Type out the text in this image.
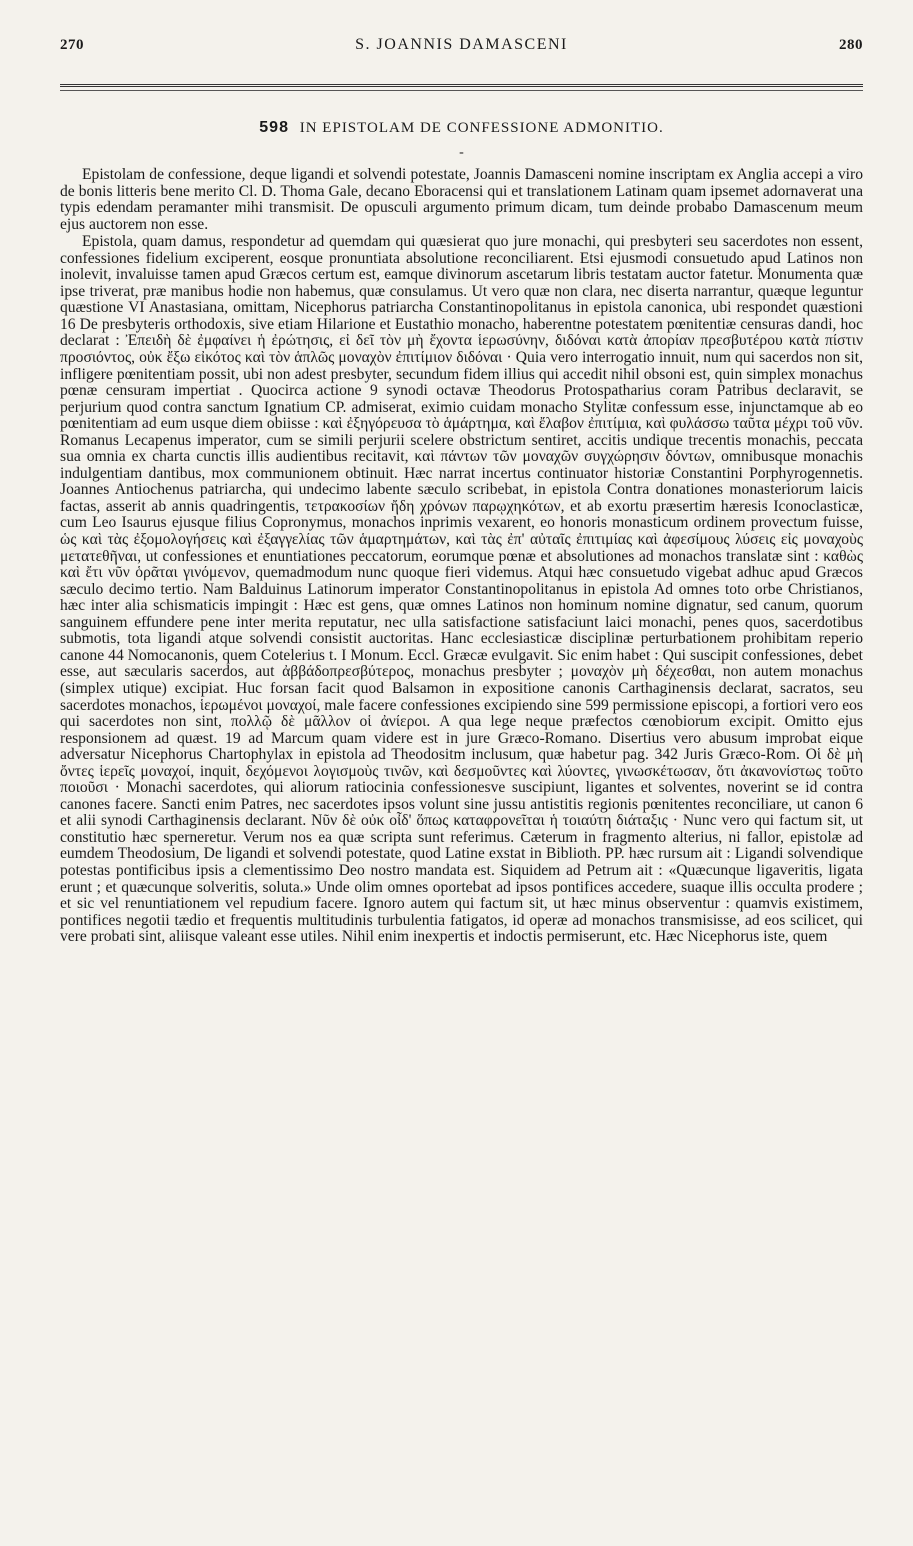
270	S. JOANNIS DAMASCENI	280
598 IN EPISTOLAM DE CONFESSIONE ADMONITIO.
-

Epistolam de confessione, deque ligandi et solvendi potestate, Joannis Damasceni nomine inscriptam ex Anglia accepi a viro de bonis litteris bene merito Cl. D. Thoma Gale, decano Eboracensi qui et translationem Latinam quam ipsemet adornaverat una typis edendam peramanter mihi transmisit. De opusculi argumento primum dicam, tum deinde probabo Damascenum meum ejus auctorem non esse.

Epistola, quam damus, respondetur ad quemdam qui quæsierat quo jure monachi, qui presbyteri seu sacerdotes non essent, confessiones fidelium exciperent, eosque pronuntiata absolutione reconciliarent. Etsi ejusmodi consuetudo apud Latinos non inolevit, invaluisse tamen apud Græcos certum est, eamque divinorum ascetarum libris testatam auctor fatetur. Monumenta quæ ipse triverat, præ manibus hodie non habemus, quæ consulamus. Ut vero quæ non clara, nec diserta narrantur, quæque leguntur quæstione VI Anastasiana, omittam, Nicephorus patriarcha Constantinopolitanus in epistola canonica, ubi respondet quæstioni 16 De presbyteris orthodoxis, sive etiam Hilarione et Eustathio monacho, haberentne potestatem pœnitentiæ censuras dandi, hoc declarat : Ἐπειδὴ δὲ ἐμφαίνει ἡ ἐρώτησις, εἰ δεῖ τὸν μὴ ἔχοντα ἱερωσύνην, διδόναι κατὰ ἀπορίαν πρεσβυτέρου κατὰ πίστιν προσιόντος, οὐκ ἔξω εἰκότος καὶ τὸν ἁπλῶς μοναχὸν ἐπιτίμιον διδόναι · Quia vero interrogatio innuit, num qui sacerdos non sit, infligere pœnitentiam possit, ubi non adest presbyter, secundum fidem illius qui accedit nihil obsoni est, quin simplex monachus pœnæ censuram impertiat . Quocirca actione 9 synodi octavæ Theodorus Protospatharius coram Patribus declaravit, se perjurium quod contra sanctum Ignatium CP. admiserat, eximio cuidam monacho Stylitæ confessum esse, injunctamque ab eo pœnitentiam ad eum usque diem obiisse : καὶ ἐξηγόρευσα τὸ ἁμάρτημα, καὶ ἔλαβον ἐπιτίμια, καὶ φυλάσσω ταῦτα μέχρι τοῦ νῦν. Romanus Lecapenus imperator, cum se simili perjurii scelere obstrictum sentiret, accitis undique trecentis monachis, peccata sua omnia ex charta cunctis illis audientibus recitavit, καὶ πάντων τῶν μοναχῶν συγχώρησιν δόντων, omnibusque monachis indulgentiam dantibus, mox communionem obtinuit. Hæc narrat incertus continuator historiæ Constantini Porphyrogennetis. Joannes Antiochenus patriarcha, qui undecimo labente sæculo scribebat, in epistola Contra donationes monasteriorum laicis factas, asserit ab annis quadringentis, τετρακοσίων ἤδη χρόνων παρῳχηκότων, et ab exortu præsertim hæresis Iconoclasticæ, cum Leo Isaurus ejusque filius Copronymus, monachos inprimis vexarent, eo honoris monasticum ordinem provectum fuisse, ὡς καὶ τὰς ἐξομολογήσεις καὶ ἐξαγγελίας τῶν ἁμαρτημάτων, καὶ τὰς ἐπ' αὐταῖς ἐπιτιμίας καὶ ἀφεσίμους λύσεις εἰς μοναχοὺς μετατεθῆναι, ut confessiones et enuntiationes peccatorum, eorumque pœnæ et absolutiones ad monachos translatæ sint : καθὼς καὶ ἔτι νῦν ὁρᾶται γινόμενον, quemadmodum nunc quoque fieri videmus. Atqui hæc consuetudo vigebat adhuc apud Græcos sæculo decimo tertio. Nam Balduinus Latinorum imperator Constantinopolitanus in epistola Ad omnes toto orbe Christianos, hæc inter alia schismaticis impingit : Hæc est gens, quæ omnes Latinos non hominum nomine dignatur, sed canum, quorum sanguinem effundere pene inter merita reputatur, nec ulla satisfactione satisfaciunt laici monachi, penes quos, sacerdotibus submotis, tota ligandi atque solvendi consistit auctoritas. Hanc ecclesiasticæ disciplinæ perturbationem prohibitam reperio canone 44 Nomocanonis, quem Cotelerius t. I Monum. Eccl. Græcæ evulgavit. Sic enim habet : Qui suscipit confessiones, debet esse, aut sæcularis sacerdos, aut ἀββάδοπρεσβύτερος, monachus presbyter ; μοναχὸν μὴ δέχεσθαι, non autem monachus (simplex utique) excipiat. Huc forsan facit quod Balsamon in expositione canonis Carthaginensis declarat, sacratos, seu sacerdotes monachos, ἱερωμένοι μοναχοί, male facere confessiones excipiendo sine 599 permissione episcopi, a fortiori vero eos qui sacerdotes non sint, πολλῷ δὲ μᾶλλον οἱ ἀνίεροι. A qua lege neque præfectos cœnobiorum excipit. Omitto ejus responsionem ad quæst. 19 ad Marcum quam videre est in jure Græco-Romano. Disertius vero abusum improbat eique adversatur Nicephorus Chartophylax in epistola ad Theodositm inclusum, quæ habetur pag. 342 Juris Græco-Rom. Οἱ δὲ μὴ ὄντες ἱερεῖς μοναχοί, inquit, δεχόμενοι λογισμοὺς τινῶν, καὶ δεσμοῦντες καὶ λύοντες, γινωσκέτωσαν, ὅτι ἀκανονίστως τοῦτο ποιοῦσι · Monachi sacerdotes, qui aliorum ratiocinia confessionesve suscipiunt, ligantes et solventes, noverint se id contra canones facere. Sancti enim Patres, nec sacerdotes ipsos volunt sine jussu antistitis regionis pœnitentes reconciliare, ut canon 6 et alii synodi Carthaginensis declarant. Νῦν δὲ οὐκ οἶδ' ὅπως καταφρονεῖται ἡ τοιαύτη διάταξις · Nunc vero qui factum sit, ut constitutio hæc sperneretur. Verum nos ea quæ scripta sunt referimus. Cæterum in fragmento alterius, ni fallor, epistolæ ad eumdem Theodosium, De ligandi et solvendi potestate, quod Latine exstat in Biblioth. PP. hæc rursum ait : Ligandi solvendique potestas pontificibus ipsis a clementissimo Deo nostro mandata est. Siquidem ad Petrum ait : «Quæcunque ligaveritis, ligata erunt ; et quæcunque solveritis, soluta.» Unde olim omnes oportebat ad ipsos pontifices accedere, suaque illis occulta prodere ; et sic vel renuntiationem vel repudium facere. Ignoro autem qui factum sit, ut hæc minus observentur : quamvis existimem, pontifices negotii tædio et frequentis multitudinis turbulentia fatigatos, id operæ ad monachos transmisisse, ad eos scilicet, qui vere probati sint, aliisque valeant esse utiles. Nihil enim inexpertis et indoctis permiserunt, etc. Hæc Nicephorus iste, quem
